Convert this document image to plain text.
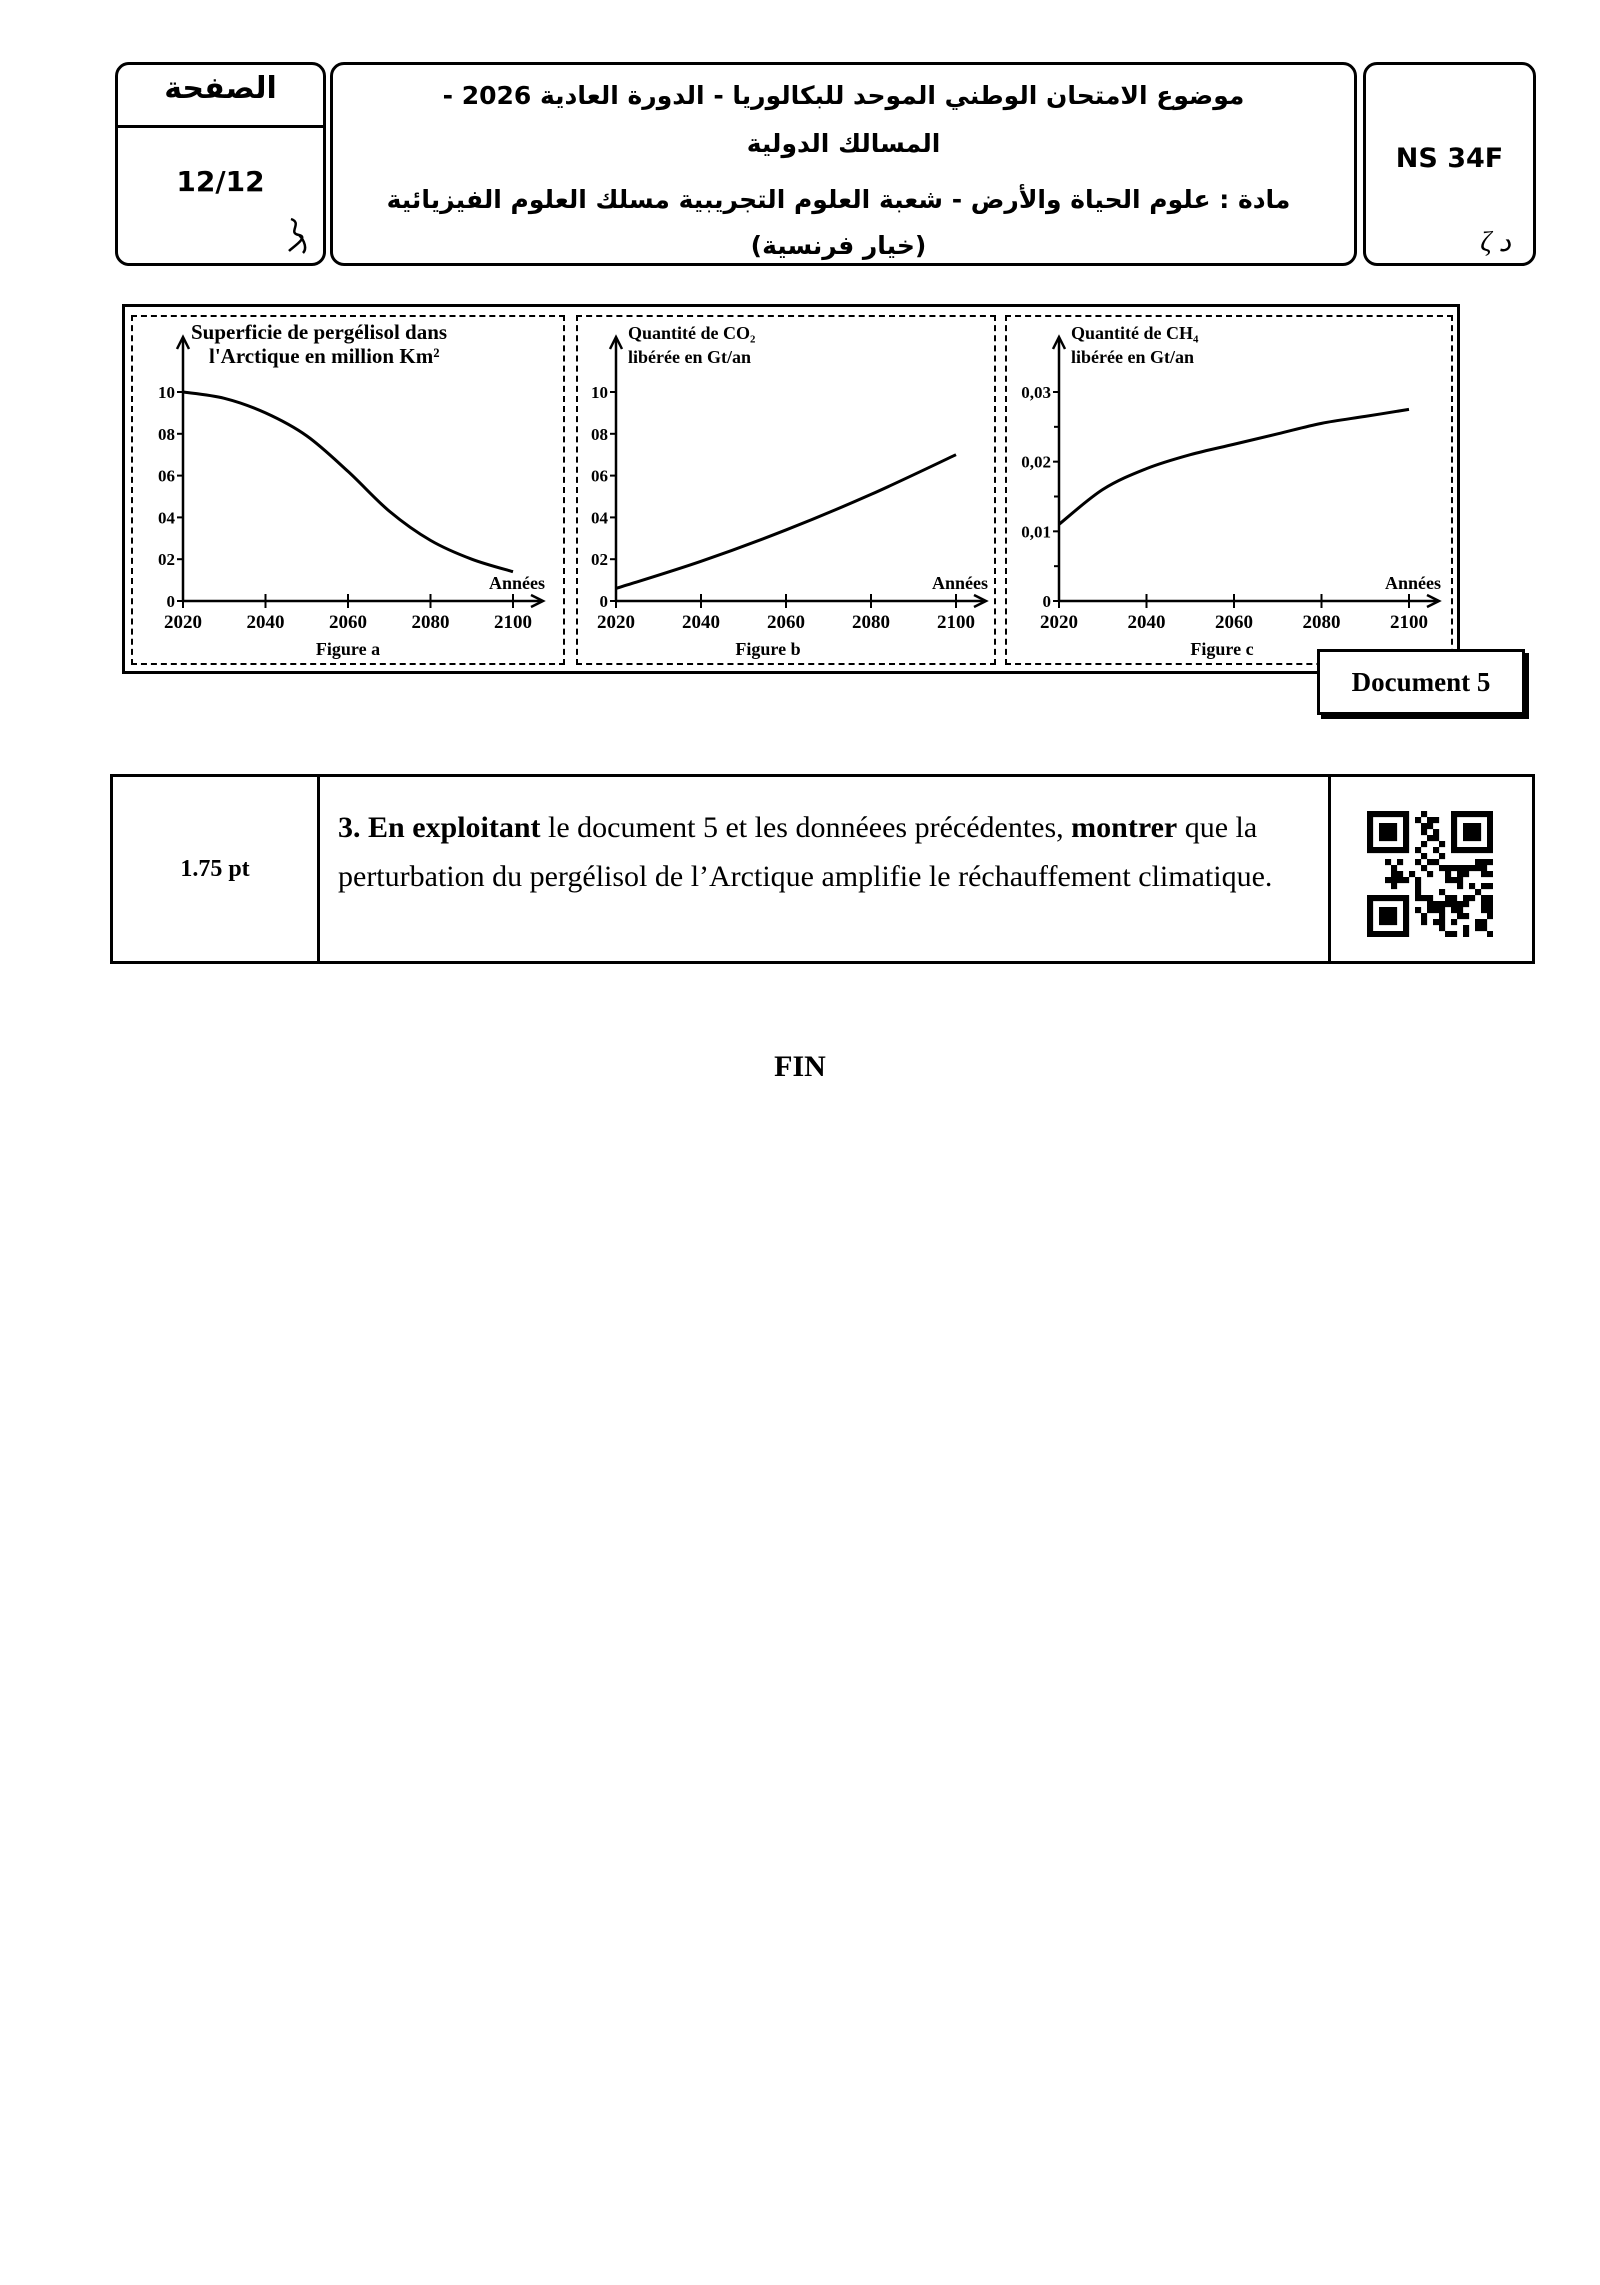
الصفحة
12/12
موضوع الامتحان الوطني الموحد للبكالوريا - الدورة العادية 2026 -
المسالك الدولية
مادة : علوم الحياة والأرض - شعبة العلوم التجريبية مسلك العلوم الفيزيائية (خيار فرنسية)
NS 34F
ζ د
0
02
04
06
08
10
2020 2040 2060 2080 2100
Superficie de pergélisol dans
l'Arctique en million Km²
Années
Figure a
0
02
04
06
08
10
2020 2040 2060 2080 2100
Quantité de CO₂
libérée en Gt/an
Années
Figure b
0
0,01
0,02
0,03
2020	2040	2060	2080	2100
Quantité de CH₄
libérée en Gt/an
Années
Figure c
Document 5
1.75 pt
3. En exploitant le document 5 et les donnéees précédentes, montrer que la perturbation du pergélisol de l’Arctique amplifie le réchauffement climatique.
FIN
